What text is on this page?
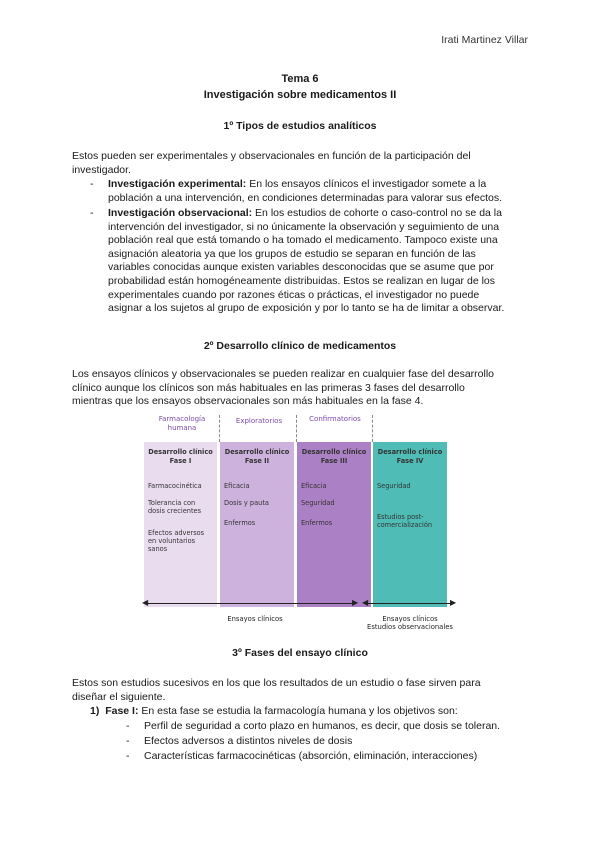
Irati Martinez Villar
Tema 6
Investigación sobre medicamentos II
1º Tipos de estudios analíticos
Estos pueden ser experimentales y observacionales en función de la participación del
investigador.
- Investigación experimental: En los ensayos clínicos el investigador somete a la
población a una intervención, en condiciones determinadas para valorar sus efectos.
- Investigación observacional: En los estudios de cohorte o caso-control no se da la
intervención del investigador, si no únicamente la observación y seguimiento de una
población real que está tomando o ha tomado el medicamento. Tampoco existe una
asignación aleatoria ya que los grupos de estudio se separan en función de las
variables conocidas aunque existen variables desconocidas que se asume que por
probabilidad están homogéneamente distribuidas. Estos se realizan en lugar de los
experimentales cuando por razones éticas o prácticas, el investigador no puede
asignar a los sujetos al grupo de exposición y por lo tanto se ha de limitar a observar.
2º Desarrollo clínico de medicamentos
Los ensayos clínicos y observacionales se pueden realizar en cualquier fase del desarrollo
clínico aunque los clínicos son más habituales en las primeras 3 fases del desarrollo
mientras que los ensayos observacionales son más habituales en la fase 4.
Farmacología humana
Exploratorios	Confirmatorios
Desarrollo clínico Fase I
Farmacocinética
Tolerancia con dosis crecientes
Efectos adversos en voluntarios sanos
Desarrollo clínico Fase II
Eficacia
Dosis y pauta
Enfermos
Desarrollo clínico Fase III
Eficacia
Seguridad
Enfermos
Desarrollo clínico Fase IV
Seguridad
Estudios post-comercialización
◀	▶ ◀	▶
Ensayos clínicos	Ensayos clínicos
Estudios observacionales
3º Fases del ensayo clínico
Estos son estudios sucesivos en los que los resultados de un estudio o fase sirven para
diseñar el siguiente.
1) Fase I: En esta fase se estudia la farmacología humana y los objetivos son:
- Perfil de seguridad a corto plazo en humanos, es decir, que dosis se toleran.
- Efectos adversos a distintos niveles de dosis
- Características farmacocinéticas (absorción, eliminación, interacciones)
